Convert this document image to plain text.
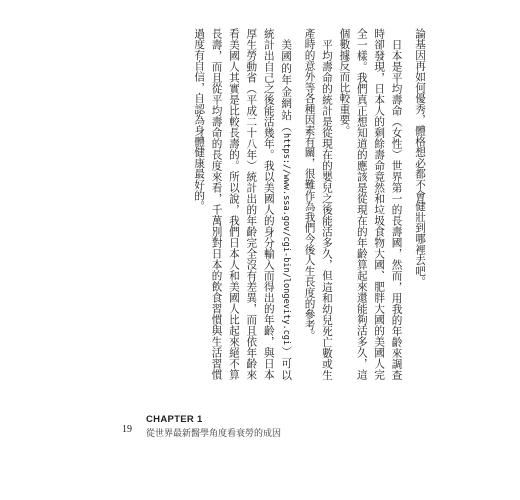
論基因再如何優秀，體格想必都不會健壯到哪裡去吧。

日本是平均壽命（女性）世界第一的長壽國，然而，用我的年齡來調查時卻發現，日本人的剩餘壽命竟然和垃圾食物大國、肥胖大國的美國人完全一樣。我們真正想知道的應該是從現在的年齡算起來還能夠活多久，這個數據反而比較重要。

平均壽命的統計是從現在的嬰兒之後能活多久，但這和幼兒死亡數或生產時的意外等各種因素有關，很難作為我們今後人生長度的參考。

美國的年金網站（https://www.ssa.gov/cgi-bin/longevity.cgi）可以統計出自己之後能活幾年。我以美國人的身分輸入而得出的年齡，與日本厚生勞動省（平成二十八年）統計出的年齡完全沒有差異，而且依年齡來看美國人其實是比較長壽的。所以說，我們日本人和美國人比起來絕不算長壽，而且從平均壽命的長度來看，千萬別對日本的飲食習慣與生活習慣過度有自信，自認為身體健康最好的。

19
CHAPTER 1
從世界最新醫學角度看衰勞的成因
